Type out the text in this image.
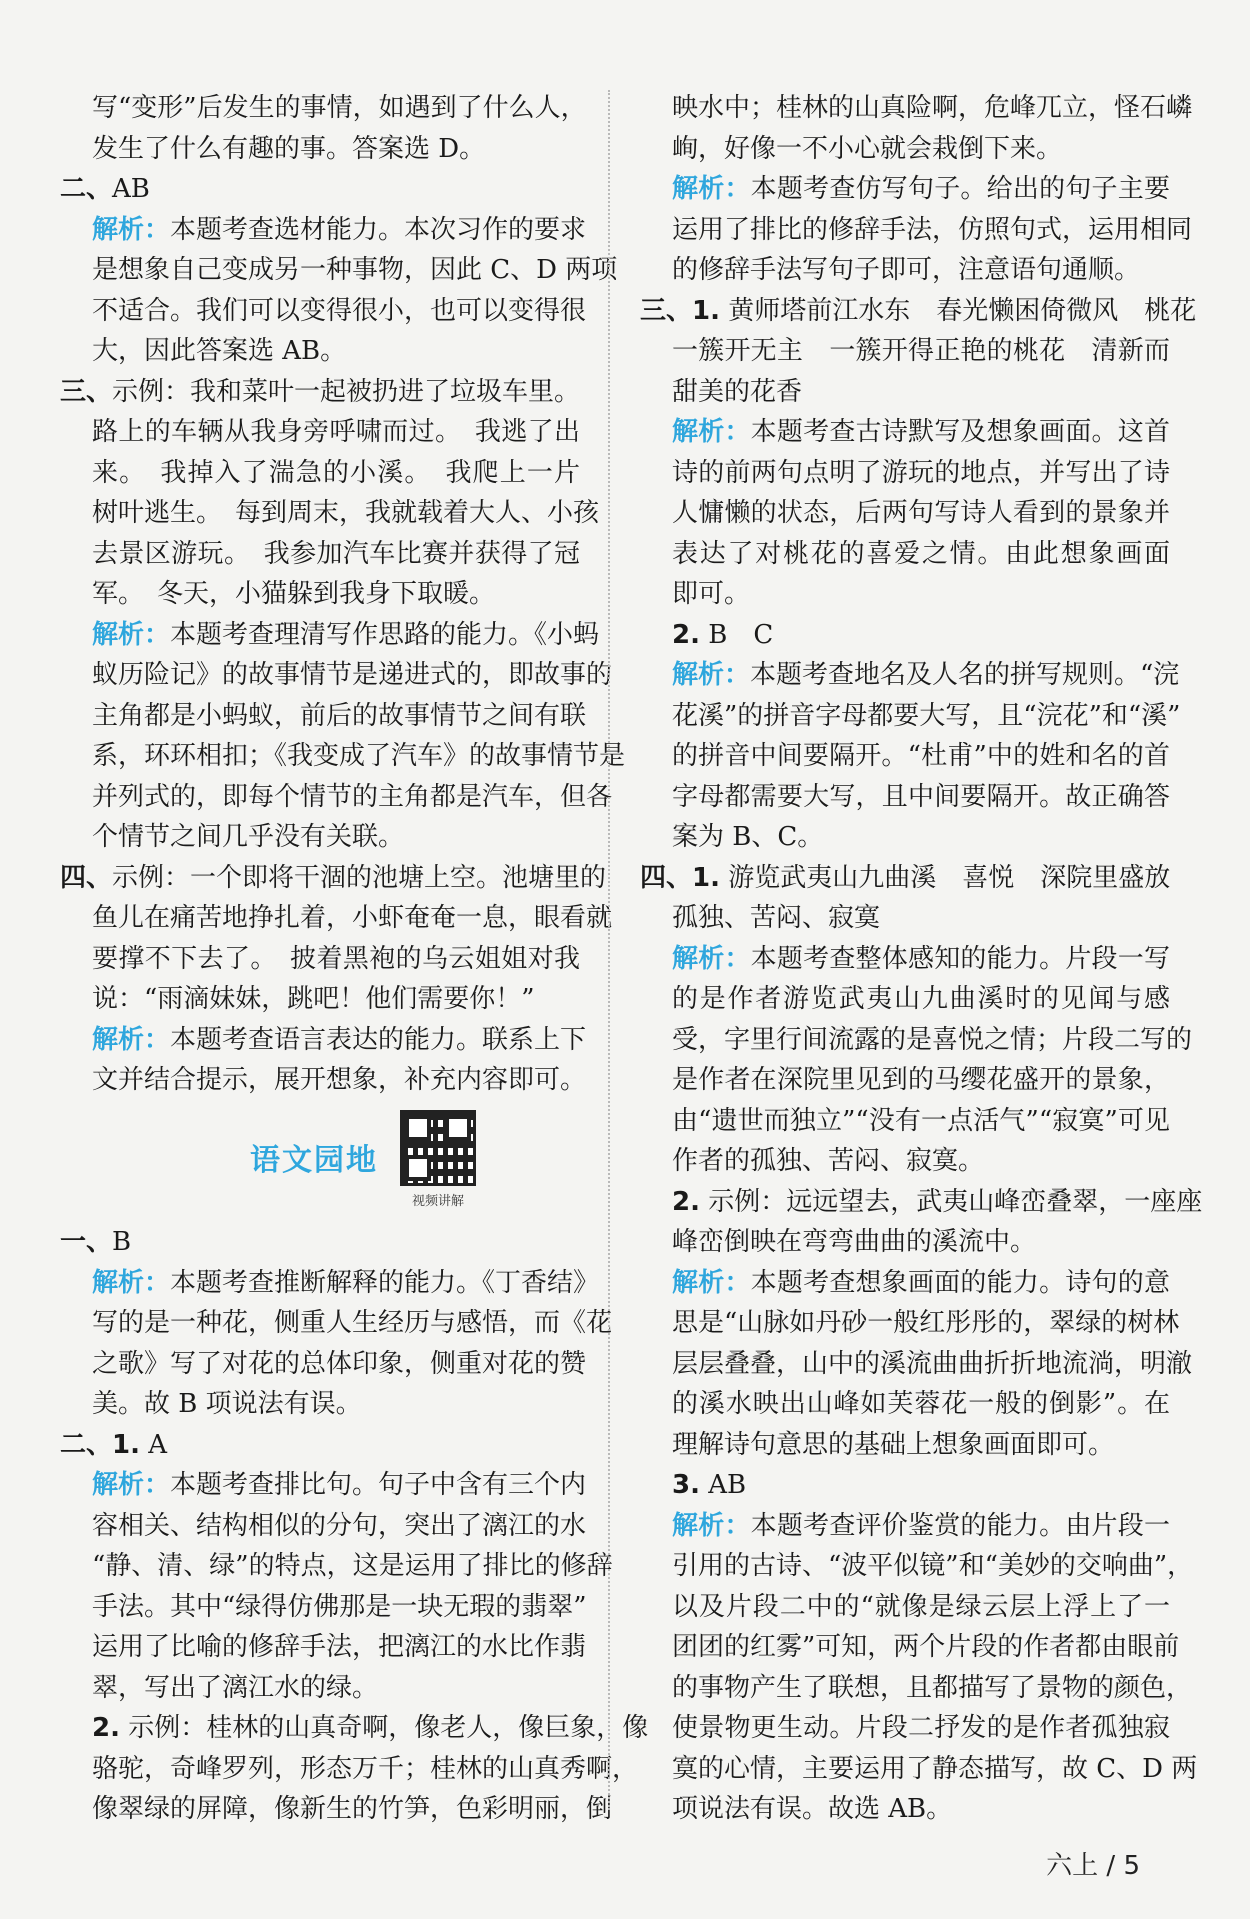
写“变形”后发生的事情，如遇到了什么人，
发生了什么有趣的事。答案选 D。
二、AB
解析：本题考查选材能力。本次习作的要求
是想象自己变成另一种事物，因此 C、D 两项
不适合。我们可以变得很小，也可以变得很
大，因此答案选 AB。
三、示例：我和菜叶一起被扔进了垃圾车里。
路上的车辆从我身旁呼啸而过。　我逃了出
来。　我掉入了湍急的小溪。　我爬上一片
树叶逃生。　每到周末，我就载着大人、小孩
去景区游玩。　我参加汽车比赛并获得了冠
军。　冬天，小猫躲到我身下取暖。
解析：本题考查理清写作思路的能力。《小蚂
蚁历险记》的故事情节是递进式的，即故事的
主角都是小蚂蚁，前后的故事情节之间有联
系，环环相扣；《我变成了汽车》的故事情节是
并列式的，即每个情节的主角都是汽车，但各
个情节之间几乎没有关联。
四、示例：一个即将干涸的池塘上空。池塘里的
鱼儿在痛苦地挣扎着，小虾奄奄一息，眼看就
要撑不下去了。　披着黑袍的乌云姐姐对我
说：“雨滴妹妹，跳吧！他们需要你！”
解析：本题考查语言表达的能力。联系上下
文并结合提示，展开想象，补充内容即可。
一、B
解析：本题考查推断解释的能力。《丁香结》
写的是一种花，侧重人生经历与感悟，而《花
之歌》写了对花的总体印象，侧重对花的赞
美。故 B 项说法有误。
二、1. A
解析：本题考查排比句。句子中含有三个内
容相关、结构相似的分句，突出了漓江的水
“静、清、绿”的特点，这是运用了排比的修辞
手法。其中“绿得仿佛那是一块无瑕的翡翠”
运用了比喻的修辞手法，把漓江的水比作翡
翠，写出了漓江水的绿。
2. 示例：桂林的山真奇啊，像老人，像巨象，像
骆驼，奇峰罗列，形态万千；桂林的山真秀啊，
像翠绿的屏障，像新生的竹笋，色彩明丽，倒
映水中；桂林的山真险啊，危峰兀立，怪石嶙
峋，好像一不小心就会栽倒下来。
解析：本题考查仿写句子。给出的句子主要
运用了排比的修辞手法，仿照句式，运用相同
的修辞手法写句子即可，注意语句通顺。
三、1. 黄师塔前江水东　春光懒困倚微风　桃花
一簇开无主　一簇开得正艳的桃花　清新而
甜美的花香
解析：本题考查古诗默写及想象画面。这首
诗的前两句点明了游玩的地点，并写出了诗
人慵懒的状态，后两句写诗人看到的景象并
表达了对桃花的喜爱之情。由此想象画面
即可。
2. B　C
解析：本题考查地名及人名的拼写规则。“浣
花溪”的拼音字母都要大写，且“浣花”和“溪”
的拼音中间要隔开。“杜甫”中的姓和名的首
字母都需要大写，且中间要隔开。故正确答
案为 B、C。
四、1. 游览武夷山九曲溪　喜悦　深院里盛放
孤独、苦闷、寂寞
解析：本题考查整体感知的能力。片段一写
的是作者游览武夷山九曲溪时的见闻与感
受，字里行间流露的是喜悦之情；片段二写的
是作者在深院里见到的马缨花盛开的景象，
由“遗世而独立”“没有一点活气”“寂寞”可见
作者的孤独、苦闷、寂寞。
2. 示例：远远望去，武夷山峰峦叠翠，一座座
峰峦倒映在弯弯曲曲的溪流中。
解析：本题考查想象画面的能力。诗句的意
思是“山脉如丹砂一般红彤彤的，翠绿的树林
层层叠叠，山中的溪流曲曲折折地流淌，明澈
的溪水映出山峰如芙蓉花一般的倒影”。在
理解诗句意思的基础上想象画面即可。
3. AB
解析：本题考查评价鉴赏的能力。由片段一
引用的古诗、“波平似镜”和“美妙的交响曲”，
以及片段二中的“就像是绿云层上浮上了一
团团的红雾”可知，两个片段的作者都由眼前
的事物产生了联想，且都描写了景物的颜色，
使景物更生动。片段二抒发的是作者孤独寂
寞的心情，主要运用了静态描写，故 C、D 两
项说法有误。故选 AB。
语文园地
视频讲解
六上 / 5
